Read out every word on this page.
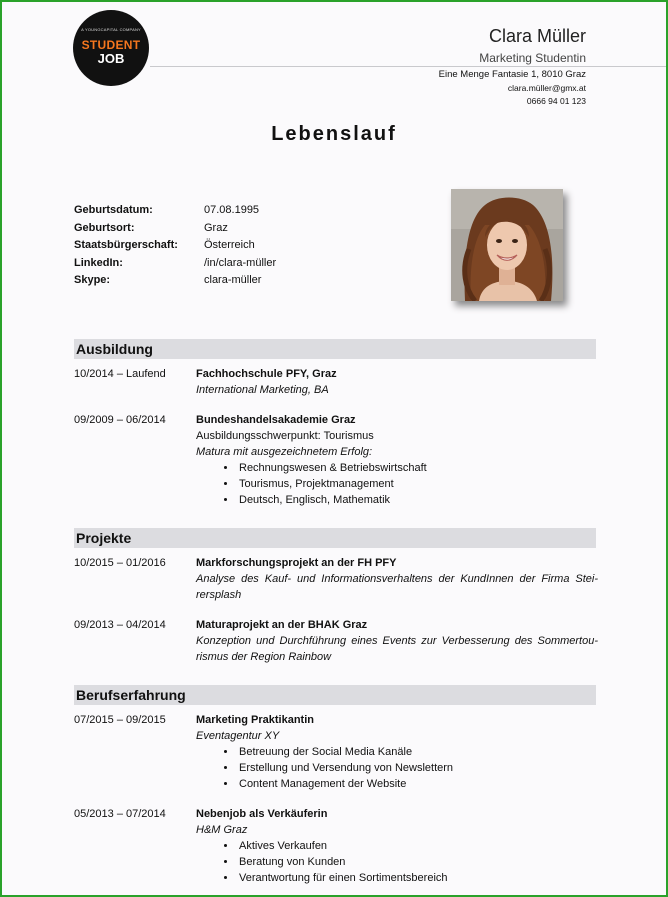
A YOUNGCAPITAL COMPANY
STUDENT
JOB
Clara Müller
Marketing Studentin
Eine Menge Fantasie 1, 8010 Graz
clara.müller@gmx.at
0666 94 01 123
Lebenslauf
Geburtsdatum:	07.08.1995
Geburtsort:	Graz
Staatsbürgerschaft: Österreich
LinkedIn:	/in/clara-müller
Skype:	clara-müller
Ausbildung
10/2014 – Laufend	Fachhochschule PFY, Graz
International Marketing, BA
09/2009 – 06/2014	Bundeshandelsakademie Graz
Ausbildungsschwerpunkt: Tourismus
Matura mit ausgezeichnetem Erfolg:
• Rechnungswesen & Betriebswirtschaft
• Tourismus, Projektmanagement
• Deutsch, Englisch, Mathematik
Projekte
10/2015 – 01/2016	Markforschungsprojekt an der FH PFY
Analyse des Kauf- und Informationsverhaltens der KundInnen der Firma Stei-
rersplash
09/2013 – 04/2014	Maturaprojekt an der BHAK Graz
Konzeption und Durchführung eines Events zur Verbesserung des Sommertou-
rismus der Region Rainbow
Berufserfahrung
07/2015 – 09/2015	Marketing Praktikantin
Eventagentur XY
• Betreuung der Social Media Kanäle
• Erstellung und Versendung von Newslettern
• Content Management der Website
05/2013 – 07/2014	Nebenjob als Verkäuferin
H&M Graz
• Aktives Verkaufen
• Beratung von Kunden
• Verantwortung für einen Sortimentsbereich
